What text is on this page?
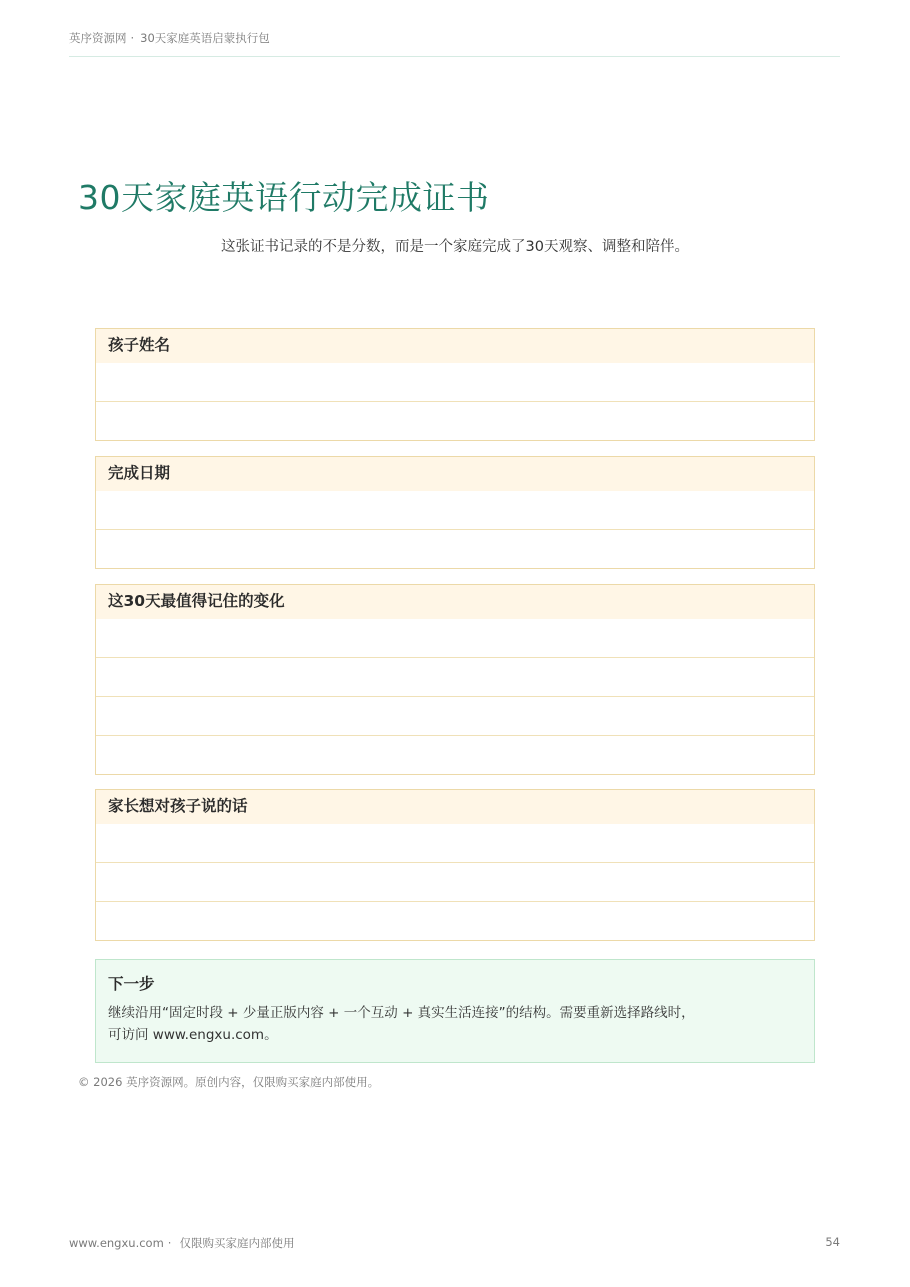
英序资源网 · 30天家庭英语启蒙执行包
30天家庭英语行动完成证书
这张证书记录的不是分数，而是一个家庭完成了30天观察、调整和陪伴。
孩子姓名
完成日期
这30天最值得记住的变化
家长想对孩子说的话
下一步
继续沿用“固定时段 + 少量正版内容 + 一个互动 + 真实生活连接”的结构。需要重新选择路线时，
可访问 www.engxu.com。
© 2026 英序资源网。原创内容，仅限购买家庭内部使用。
www.engxu.com · 仅限购买家庭内部使用	54
